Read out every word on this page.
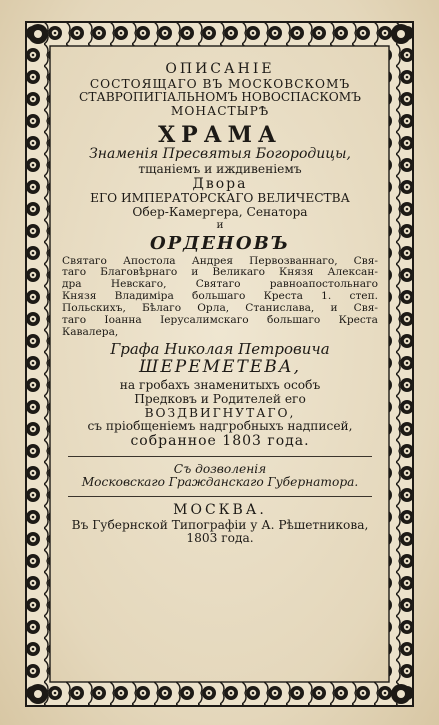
ОПИСАНІЕ
СОСТОЯЩАГО ВЪ МОСКОВСКОМЪ
СТАВРОПИГІАЛЬНОМЪ НОВОСПАСКОМЪ
МОНАСТЫРѢ
ХРАМА
Знаменія Пресвятыя Богородицы,
тщаніемъ и иждивеніемъ
Двора
ЕГО ИМПЕРАТОРСКАГО ВЕЛИЧЕСТВА
Обер-Камергера, Сенатора
и
ОРДЕНОВЪ
Святаго Апостола Андрея Первозваннаго, Свя-
таго Благовѣрнаго и Великаго Князя Алексан-
дра Невскаго, Святаго равноапостольнаго
Князя Владиміра большаго Креста 1. степ.
Польскихъ, Бѣлаго Орла, Станислава, и Свя-
таго Іоанна Іерусалимскаго большаго Креста
Кавалера,
Графа Николая Петровича
ШЕРЕМЕТЕВА,
на гробахъ знаменитыхъ особъ
Предковъ и Родителей его
ВОЗДВИГНУТАГО,
съ пріобщеніемъ надгробныхъ надписей,
собранное 1803 года.
Съ дозволенія
Московскаго Гражданскаго Губернатора.
МОСКВА.
Въ Губернской Типографіи у А. Рѣшетникова,
1803 года.
